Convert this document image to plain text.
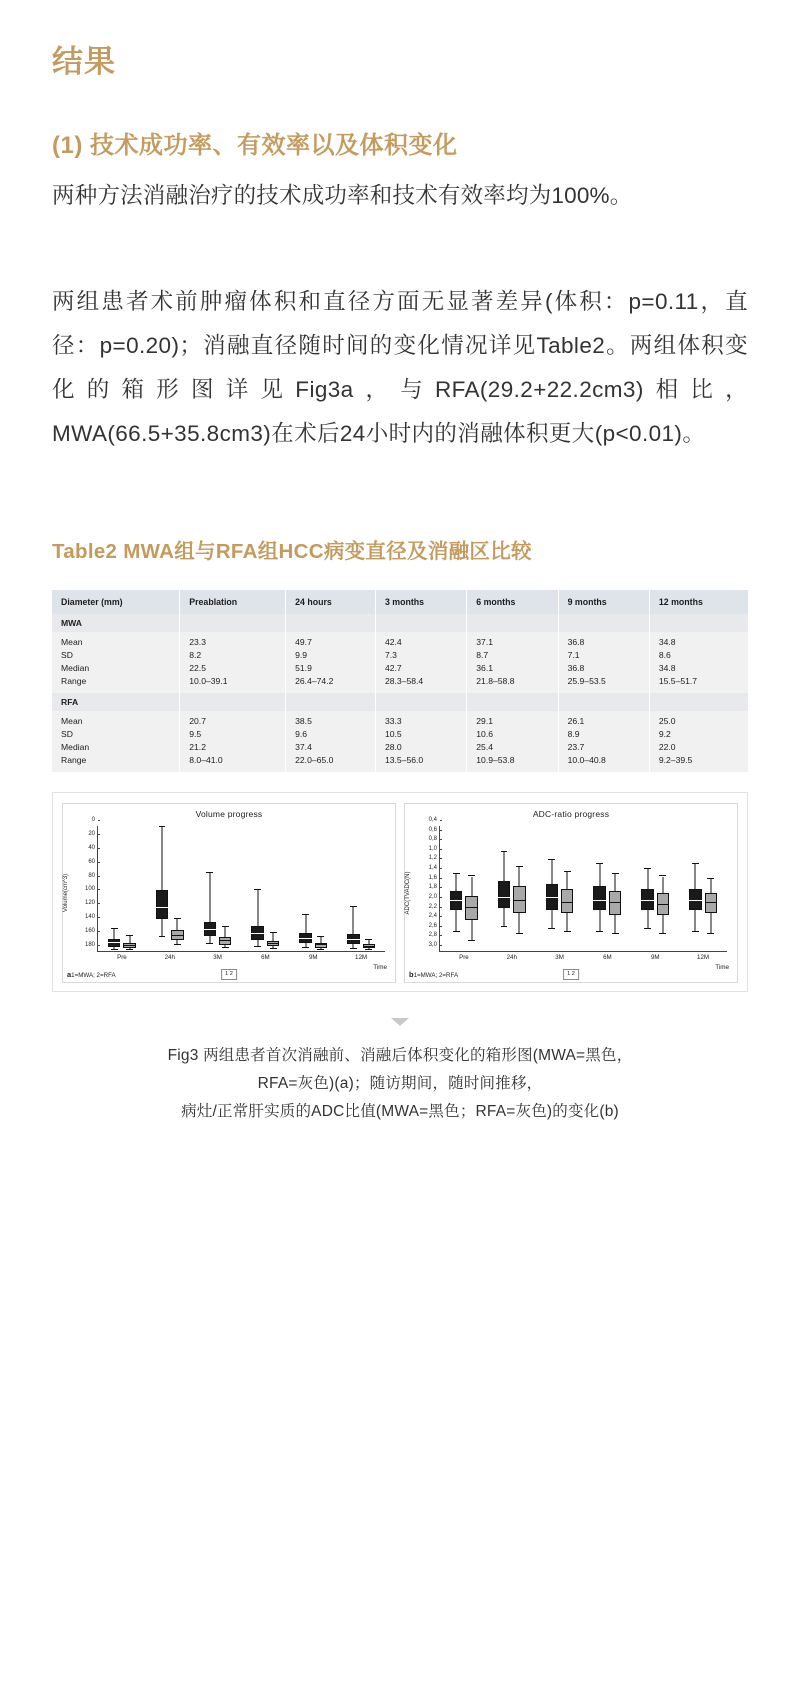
结果
(1) 技术成功率、有效率以及体积变化

两种方法消融治疗的技术成功率和技术有效率均为100%。

两组患者术前肿瘤体积和直径方面无显著差异(体积：p=0.11，直径：p=0.20)；消融直径随时间的变化情况详见Table2。两组体积变化的箱形图详见Fig3a，与RFA(29.2+22.2cm3)相比，MWA(66.5+35.8cm3)在术后24小时内的消融体积更大(p<0.01)。

Table2 MWA组与RFA组HCC病变直径及消融区比较
Diameter (mm)	Preablation	24 hours	3 months	6 months	9 months	12 months
MWA						
Mean	23.3	49.7	42.4	37.1	36.8	34.8
SD	8.2	9.9	7.3	8.7	7.1	8.6
Median	22.5	51.9	42.7	36.1	36.8	34.8
Range	10.0–39.1	26.4–74.2	28.3–58.4	21.8–58.8	25.9–53.5	15.5–51.7
RFA						
Mean	20.7	38.5	33.3	29.1	26.1	25.0
SD	9.5	9.6	10.5	10.6	8.9	9.2
Median	21.2	37.4	28.0	25.4	23.7	22.0
Range	8.0–41.0	22.0–65.0	13.5–56.0	10.9–53.8	10.0–40.8	9.2–39.5
Volume progress
Volume(cm^3)
0
20
40
60
80
100
120
140
160
180
Pre	24h	3M	6M	9M	12M
Time
a1=MWA; 2=RFA	1 2
ADC-ratio progress
ADC(TVADC(N)
0,4
0,6
0,8
1,0
1,2
1,4
1,6
1,8
2,0
2,2
2,4
2,6
2,8
3,0
Pre	24h	3M	6M	9M	12M
Time
b1=MWA; 2=RFA	1 2
Fig3 两组患者首次消融前、消融后体积变化的箱形图(MWA=黑色，
RFA=灰色)(a)；随访期间，随时间推移，
病灶/正常肝实质的ADC比值(MWA=黑色；RFA=灰色)的变化(b)
